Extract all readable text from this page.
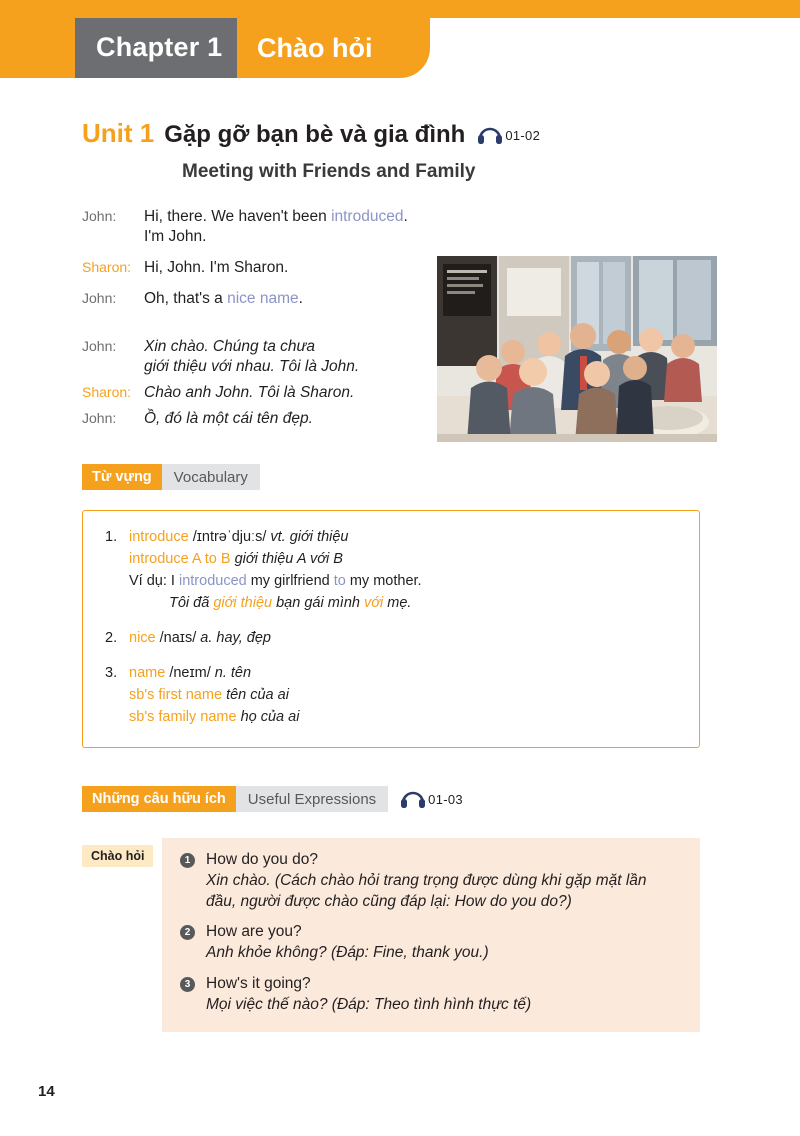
Chapter 1 Chào hỏi
Unit 1 Gặp gỡ bạn bè và gia đình	01-02
Meeting with Friends and Family
John:	Hi, there. We haven't been introduced. I'm John.
Sharon: Hi, John. I'm Sharon.
John:	Oh, that's a nice name.
John:	Xin chào. Chúng ta chưa
giới thiệu với nhau. Tôi là John.
Sharon: Chào anh John. Tôi là Sharon.
John:	Ồ, đó là một cái tên đẹp.
Từ vựng	Vocabulary
1. introduce /ɪntrəˈdjuːs/ vt. giới thiệu
introduce A to B giới thiệu A với B
Ví dụ: I introduced my girlfriend to my mother.
Tôi đã giới thiệu bạn gái mình với mẹ.
2. nice /naɪs/ a. hay, đẹp
3. name /neɪm/ n. tên
sb's first name tên của ai
sb's family name họ của ai
Những câu hữu ích	Useful Expressions	01-03
Chào hỏi	1	How do you do?
Xin chào. (Cách chào hỏi trang trọng được dùng khi gặp mặt lần
đầu, người được chào cũng đáp lại: How do you do?)
2	How are you?
Anh khỏe không? (Đáp: Fine, thank you.)
3	How's it going?
Mọi việc thế nào? (Đáp: Theo tình hình thực tế)
14
